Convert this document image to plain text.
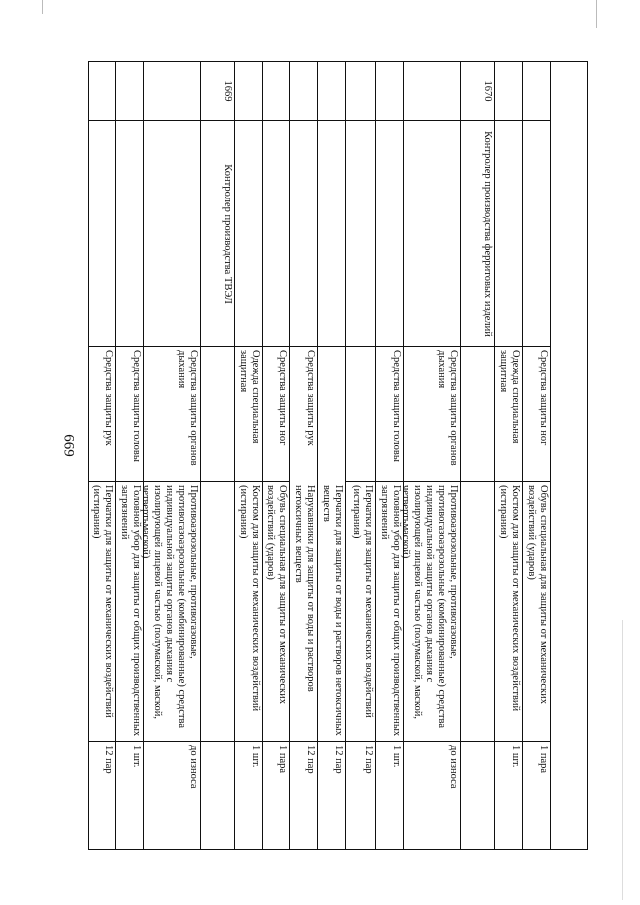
669	Средства защиты рук
Перчатки для защиты от механических воздействий (истирания)
12 пар
Средства защиты головы
Головной убор для защиты от общих производственных загрязнений
1 шт.
Средства защиты органов дыхания
Противоаэрозольные, противогазовые, противогазоаэрозольные (комбинированные) средства индивидуальной защиты органов дыхания с изолирующей лицевой частью (полумаской, маской, четвертьмаской)
до износа
1669
Контролер производства ТВЭЛ
Одежда специальная защитная
Костюм для защиты от механических воздействий (истирания)
1 шт.
Средства защиты ног
Обувь специальная для защиты от механических воздействий (ударов)
1 пара
Средства защиты рук
Нарукавники для защиты от воды и растворов нетоксичных веществ
12 пар
Перчатки для защиты от воды и растворов нетоксичных веществ
12 пар
Перчатки для защиты от механических воздействий (истирания)
12 пар
Средства защиты головы
Головной убор для защиты от общих производственных загрязнений
1 шт.
Средства защиты органов дыхания
Противоаэрозольные, противогазовые, противогазоаэрозольные (комбинированные) средства индивидуальной защиты органов дыхания с изолирующей лицевой частью (полумаской, маской, четвертьмаской)
до износа
1670
Контролер производства ферритовых изделий
Одежда специальная защитная
Костюм для защиты от механических воздействий (истирания)
1 шт.
Средства защиты ног
Обувь специальная для защиты от механических воздействий (ударов)
1 пара
